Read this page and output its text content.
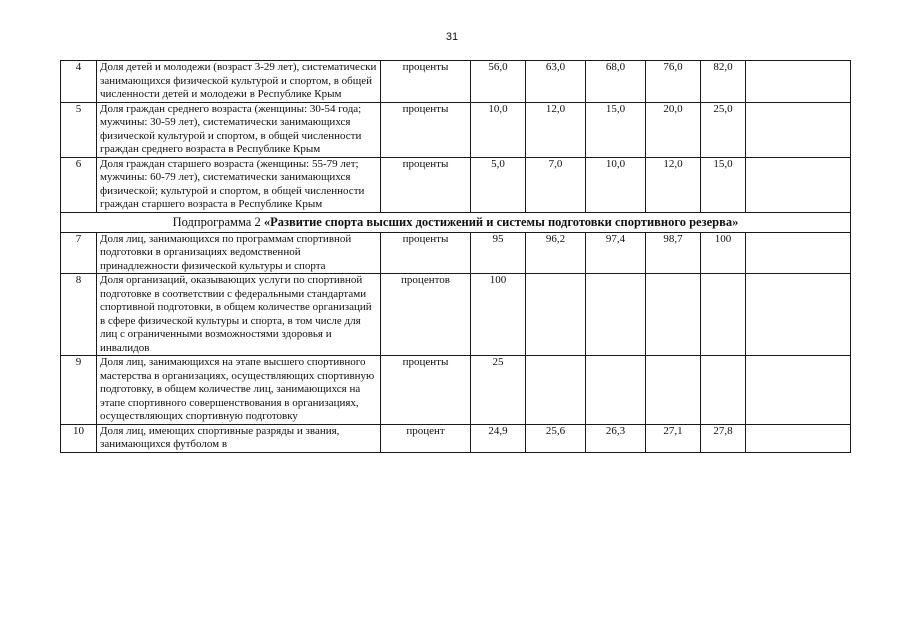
31
4	Доля детей и молодежи (возраст 3-29 лет), систематически занимающихся физической культурой и спортом, в общей численности детей и молодежи в Республике Крым	проценты	56,0	63,0	68,0	76,0	82,0	
5	Доля граждан среднего возраста (женщины: 30-54 года; мужчины: 30-59 лет), систематически занимающихся физической культурой и спортом, в общей численности граждан среднего возраста в Республике Крым	проценты	10,0	12,0	15,0	20,0	25,0	
6	Доля граждан старшего возраста (женщины: 55-79 лет; мужчины: 60-79 лет), систематически занимающихся физической; культурой и спортом, в общей численности граждан старшего возраста в Республике Крым	проценты	5,0	7,0	10,0	12,0	15,0	
Подпрограмма 2 «Развитие спорта высших достижений и системы подготовки спортивного резерва»								
7	Доля лиц, занимающихся по программам спортивной подготовки в организациях ведомственной принадлежности физической культуры и спорта	проценты	95	96,2	97,4	98,7	100	
8	Доля организаций, оказывающих услуги по спортивной подготовке в соответствии с федеральными стандартами спортивной подготовки, в общем количестве организаций в сфере физической культуры и спорта, в том числе для лиц с ограниченными возможностями здоровья и инвалидов	процентов	100					
9	Доля лиц, занимающихся на этапе высшего спортивного мастерства в организациях, осуществляющих спортивную подготовку, в общем количестве лиц, занимающихся на этапе спортивного совершенствования в организациях, осуществляющих спортивную подготовку	проценты	25					
10	Доля лиц, имеющих спортивные разряды и звания, занимающихся футболом в	процент	24,9	25,6	26,3	27,1	27,8	
